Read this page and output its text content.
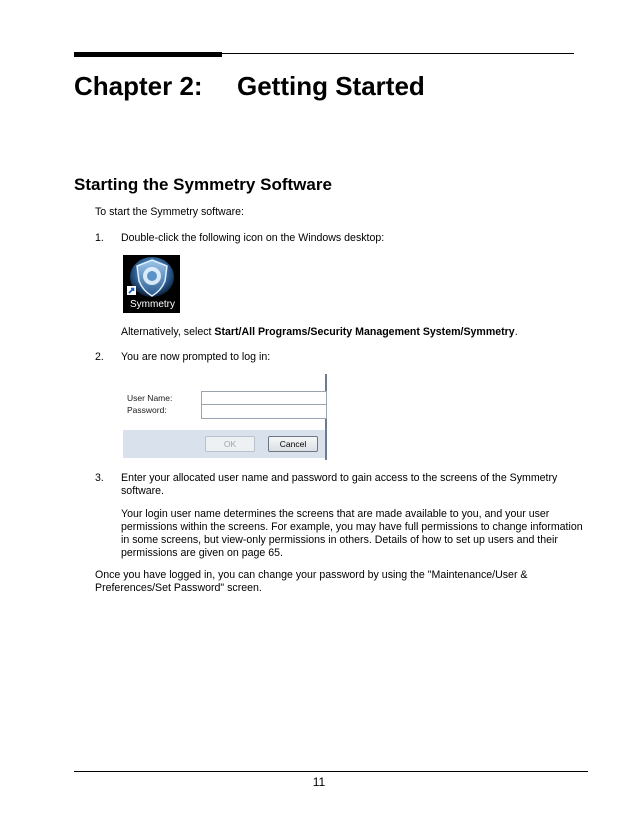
Chapter 2: Getting Started
Starting the Symmetry Software

To start the Symmetry software:

1. Double-click the following icon on the Windows desktop:

Symmetry

Alternatively, select Start/All Programs/Security Management System/Symmetry.

2. You are now prompted to log in:

User Name:
Password:
OK	Cancel

3. Enter your allocated user name and password to gain access to the screens of the Symmetry software.

Your login user name determines the screens that are made available to you, and your user permissions within the screens. For example, you may have full permissions to change information in some screens, but view-only permissions in others. Details of how to set up users and their permissions are given on page 65.

Once you have logged in, you can change your password by using the "Maintenance/User & Preferences/Set Password" screen.

11
